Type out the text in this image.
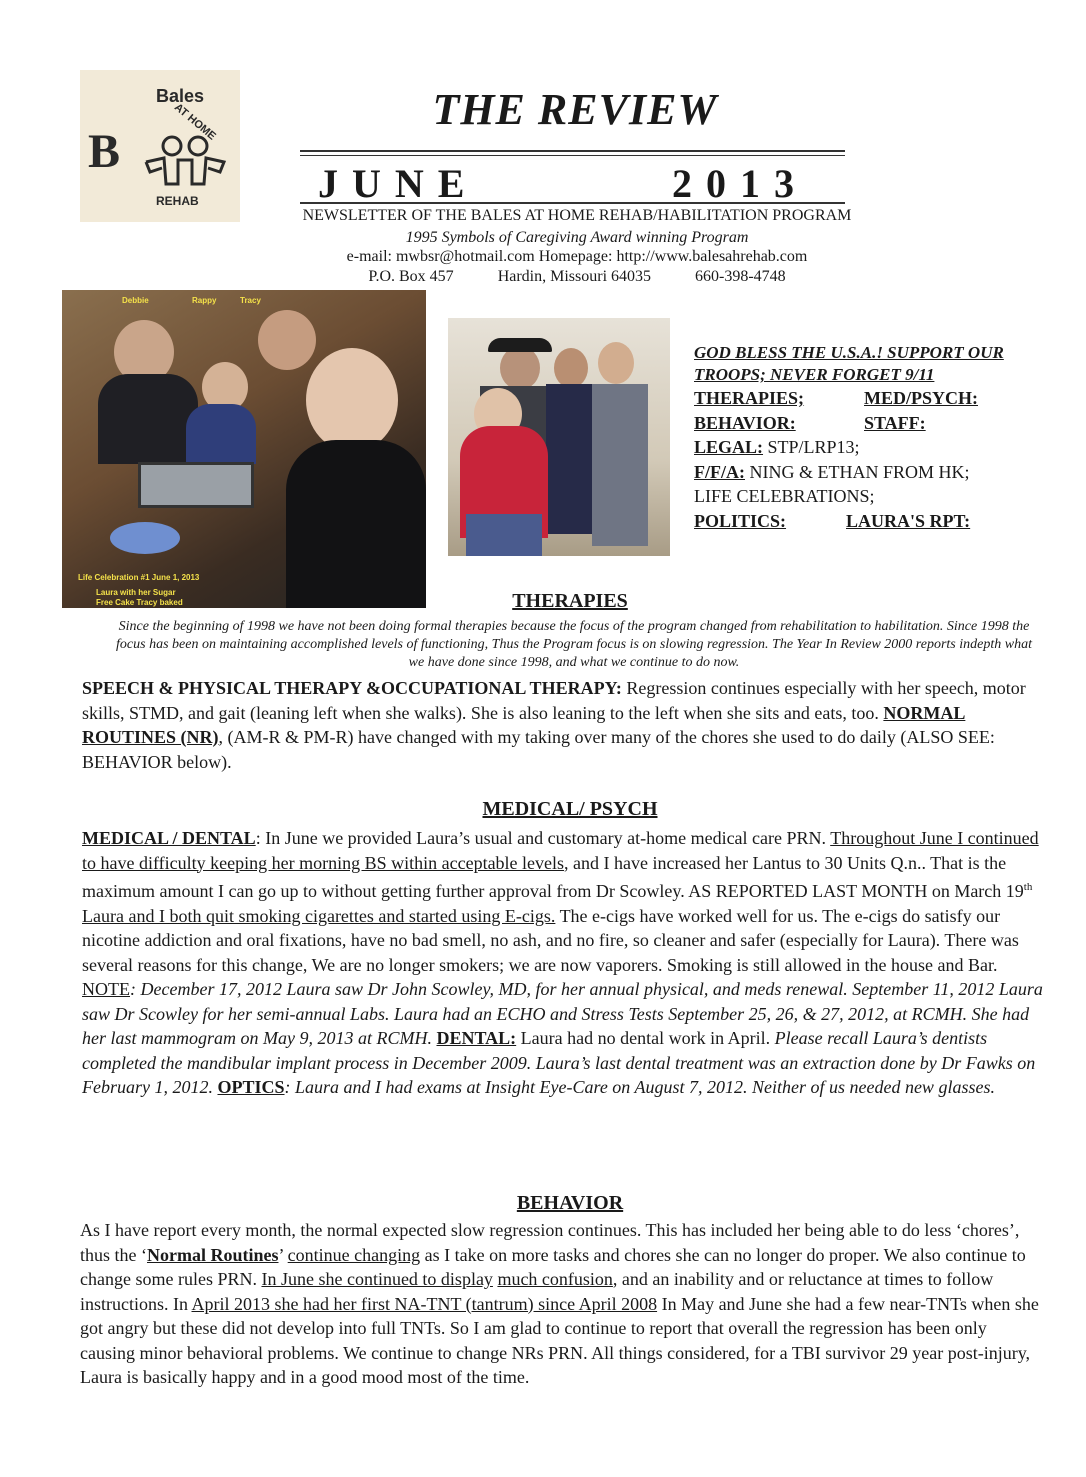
Bales
B
AT HOME
REHAB
THE REVIEW
JUNE	2013
NEWSLETTER OF THE BALES AT HOME REHAB/HABILITATION PROGRAM
1995 Symbols of Caregiving Award winning Program
e-mail: mwbsr@hotmail.com Homepage: http://www.balesahrehab.com
P.O. Box 457	Hardin, Missouri 64035	660-398-4748
Debbie	Rappy	Tracy
Life Celebration #1 June 1, 2013
Laura with her Sugar
Free Cake Tracy baked
GOD BLESS THE U.S.A.! SUPPORT OUR TROOPS; NEVER FORGET 9/11
THERAPIES;	MED/PSYCH:
BEHAVIOR:	STAFF:
LEGAL: STP/LRP13;
F/F/A: NING & ETHAN FROM HK;
LIFE CELEBRATIONS;
POLITICS:	LAURA'S RPT:
THERAPIES
Since the beginning of 1998 we have not been doing formal therapies because the focus of the program changed from rehabilitation to habilitation. Since 1998 the focus has been on maintaining accomplished levels of functioning, Thus the Program focus is on slowing regression. The Year In Review 2000 reports indepth what we have done since 1998, and what we continue to do now.
SPEECH & PHYSICAL THERAPY &OCCUPATIONAL THERAPY: Regression continues especially with her speech, motor skills, STMD, and gait (leaning left when she walks). She is also leaning to the left when she sits and eats, too. NORMAL ROUTINES (NR), (AM-R & PM-R) have changed with my taking over many of the chores she used to do daily (ALSO SEE: BEHAVIOR below).
MEDICAL/ PSYCH
MEDICAL / DENTAL: In June we provided Laura’s usual and customary at-home medical care PRN. Throughout June I continued to have difficulty keeping her morning BS within acceptable levels, and I have increased her Lantus to 30 Units Q.n.. That is the maximum amount I can go up to without getting further approval from Dr Scowley. AS REPORTED LAST MONTH on March 19th Laura and I both quit smoking cigarettes and started using E-cigs. The e-cigs have worked well for us. The e-cigs do satisfy our nicotine addiction and oral fixations, have no bad smell, no ash, and no fire, so cleaner and safer (especially for Laura). There was several reasons for this change, We are no longer smokers; we are now vaporers. Smoking is still allowed in the house and Bar. NOTE: December 17, 2012 Laura saw Dr John Scowley, MD, for her annual physical, and meds renewal. September 11, 2012 Laura saw Dr Scowley for her semi-annual Labs. Laura had an ECHO and Stress Tests September 25, 26, & 27, 2012, at RCMH. She had her last mammogram on May 9, 2013 at RCMH. DENTAL: Laura had no dental work in April. Please recall Laura’s dentists completed the mandibular implant process in December 2009. Laura’s last dental treatment was an extraction done by Dr Fawks on February 1, 2012. OPTICS: Laura and I had exams at Insight Eye-Care on August 7, 2012. Neither of us needed new glasses.
BEHAVIOR
As I have report every month, the normal expected slow regression continues. This has included her being able to do less ‘chores’, thus the ‘Normal Routines’ continue changing as I take on more tasks and chores she can no longer do proper. We also continue to change some rules PRN. In June she continued to display much confusion, and an inability and or reluctance at times to follow instructions. In April 2013 she had her first NA-TNT (tantrum) since April 2008 In May and June she had a few near-TNTs when she got angry but these did not develop into full TNTs. So I am glad to continue to report that overall the regression has been only causing minor behavioral problems. We continue to change NRs PRN. All things considered, for a TBI survivor 29 year post-injury, Laura is basically happy and in a good mood most of the time.
